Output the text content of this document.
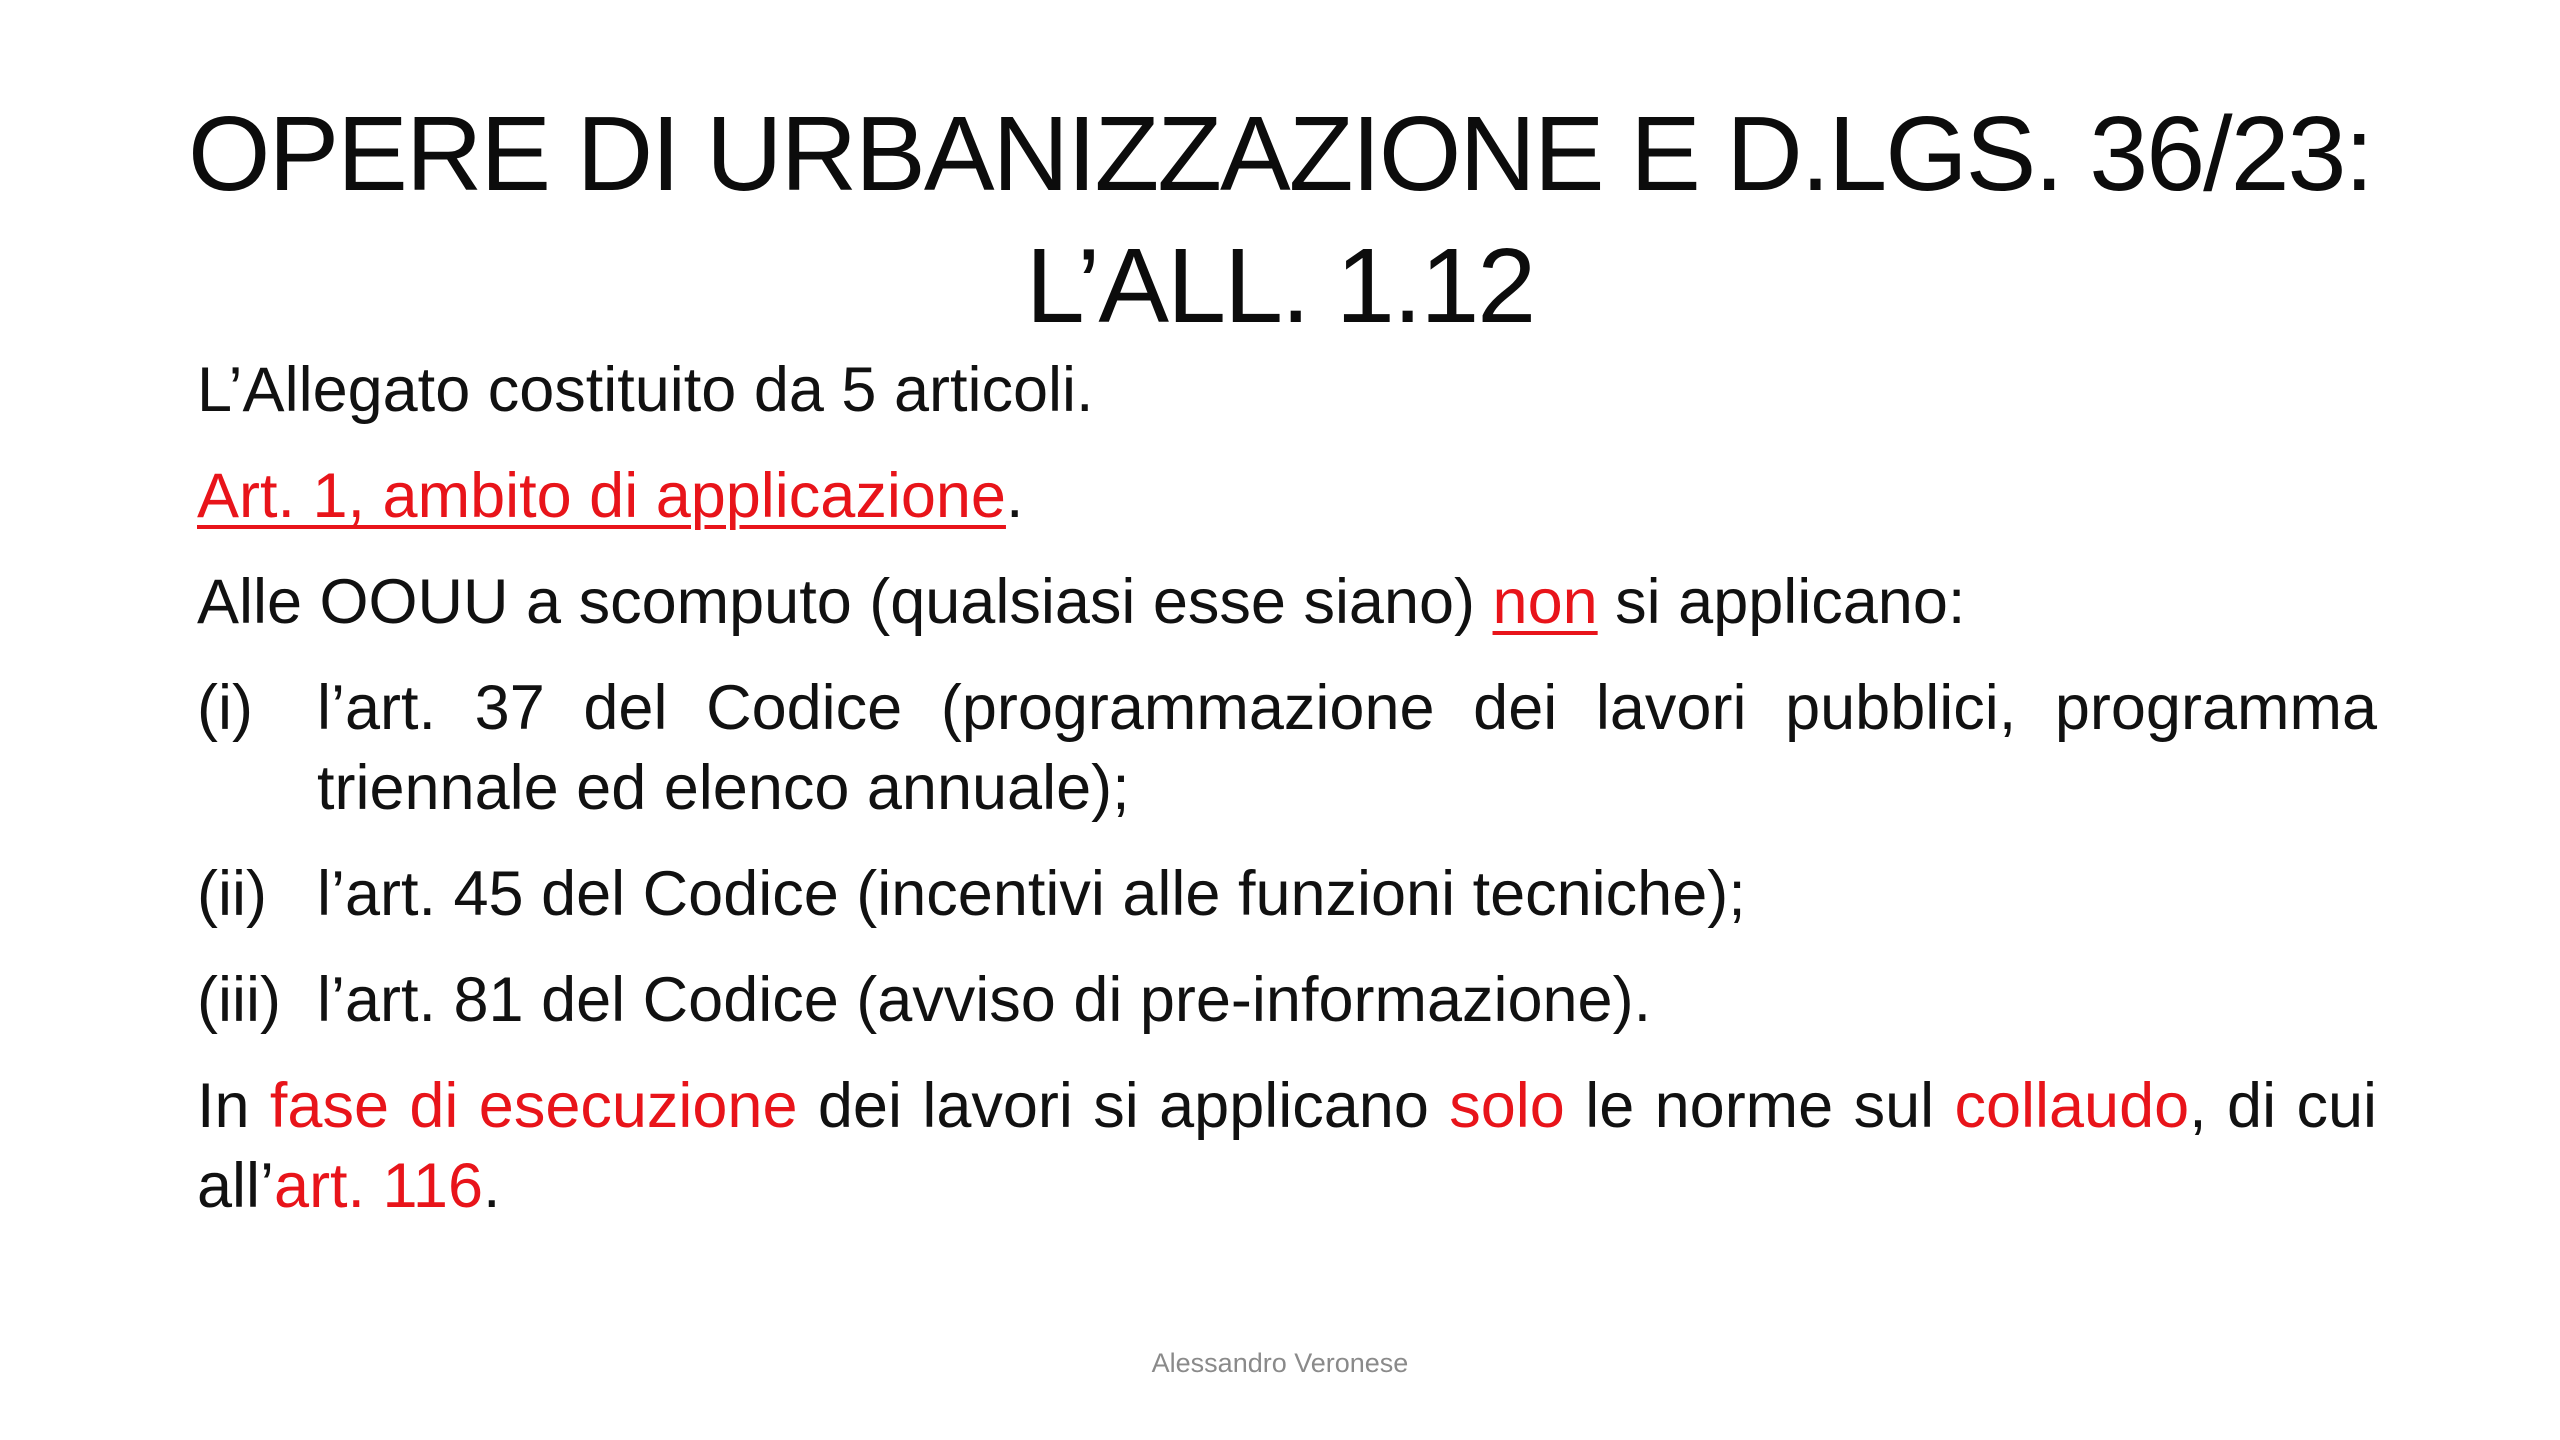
OPERE DI URBANIZZAZIONE E D.LGS. 36/23:
L’ALL. 1.12

L’Allegato costituito da 5 articoli.

Art. 1, ambito di applicazione.

Alle OOUU a scomputo (qualsiasi esse siano) non si applicano:

(i)	l’art. 37 del Codice (programmazione dei lavori pubblici, programma triennale ed elenco annuale);
(ii) l’art. 45 del Codice (incentivi alle funzioni tecniche);
(iii) l’art. 81 del Codice (avviso di pre-informazione).

In fase di esecuzione dei lavori si applicano solo le norme sul collaudo, di cui all’art. 116.

Alessandro Veronese
